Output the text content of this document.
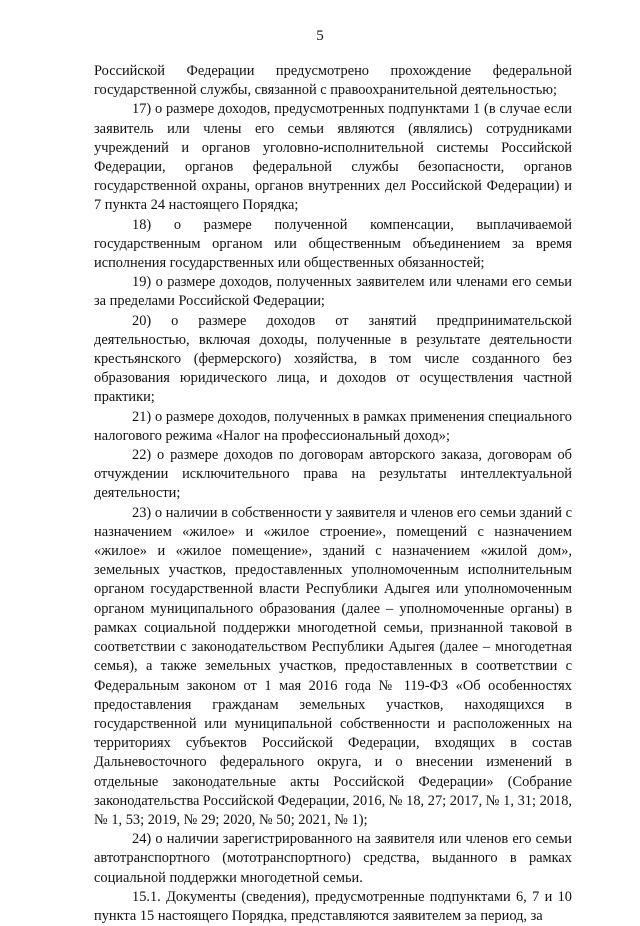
5

Российской Федерации предусмотрено прохождение федеральной государственной службы, связанной с правоохранительной деятельностью;

17) о размере доходов, предусмотренных подпунктами 1 (в случае если заявитель или члены его семьи являются (являлись) сотрудниками учреждений и органов уголовно-исполнительной системы Российской Федерации, органов федеральной службы безопасности, органов государственной охраны, органов внутренних дел Российской Федерации) и 7 пункта 24 настоящего Порядка;

18) о размере полученной компенсации, выплачиваемой государственным органом или общественным объединением за время исполнения государственных или общественных обязанностей;

19) о размере доходов, полученных заявителем или членами его семьи за пределами Российской Федерации;

20) о размере доходов от занятий предпринимательской деятельностью, включая доходы, полученные в результате деятельности крестьянского (фермерского) хозяйства, в том числе созданного без образования юридического лица, и доходов от осуществления частной практики;

21) о размере доходов, полученных в рамках применения специального налогового режима «Налог на профессиональный доход»;

22) о размере доходов по договорам авторского заказа, договорам об отчуждении исключительного права на результаты интеллектуальной деятельности;

23) о наличии в собственности у заявителя и членов его семьи зданий с назначением «жилое» и «жилое строение», помещений с назначением «жилое» и «жилое помещение», зданий с назначением «жилой дом», земельных участков, предоставленных уполномоченным исполнительным органом государственной власти Республики Адыгея или уполномоченным органом муниципального образования (далее – уполномоченные органы) в рамках социальной поддержки многодетной семьи, признанной таковой в соответствии с законодательством Республики Адыгея (далее – многодетная семья), а также земельных участков, предоставленных в соответствии с Федеральным законом от 1 мая 2016 года № 119-ФЗ «Об особенностях предоставления гражданам земельных участков, находящихся в государственной или муниципальной собственности и расположенных на территориях субъектов Российской Федерации, входящих в состав Дальневосточного федерального округа, и о внесении изменений в отдельные законодательные акты Российской Федерации» (Собрание законодательства Российской Федерации, 2016, № 18, 27; 2017, № 1, 31; 2018, № 1, 53; 2019, № 29; 2020, № 50; 2021, № 1);

24) о наличии зарегистрированного на заявителя или членов его семьи автотранспортного (мототранспортного) средства, выданного в рамках социальной поддержки многодетной семьи.

15.1. Документы (сведения), предусмотренные подпунктами 6, 7 и 10 пункта 15 настоящего Порядка, представляются заявителем за период, за
